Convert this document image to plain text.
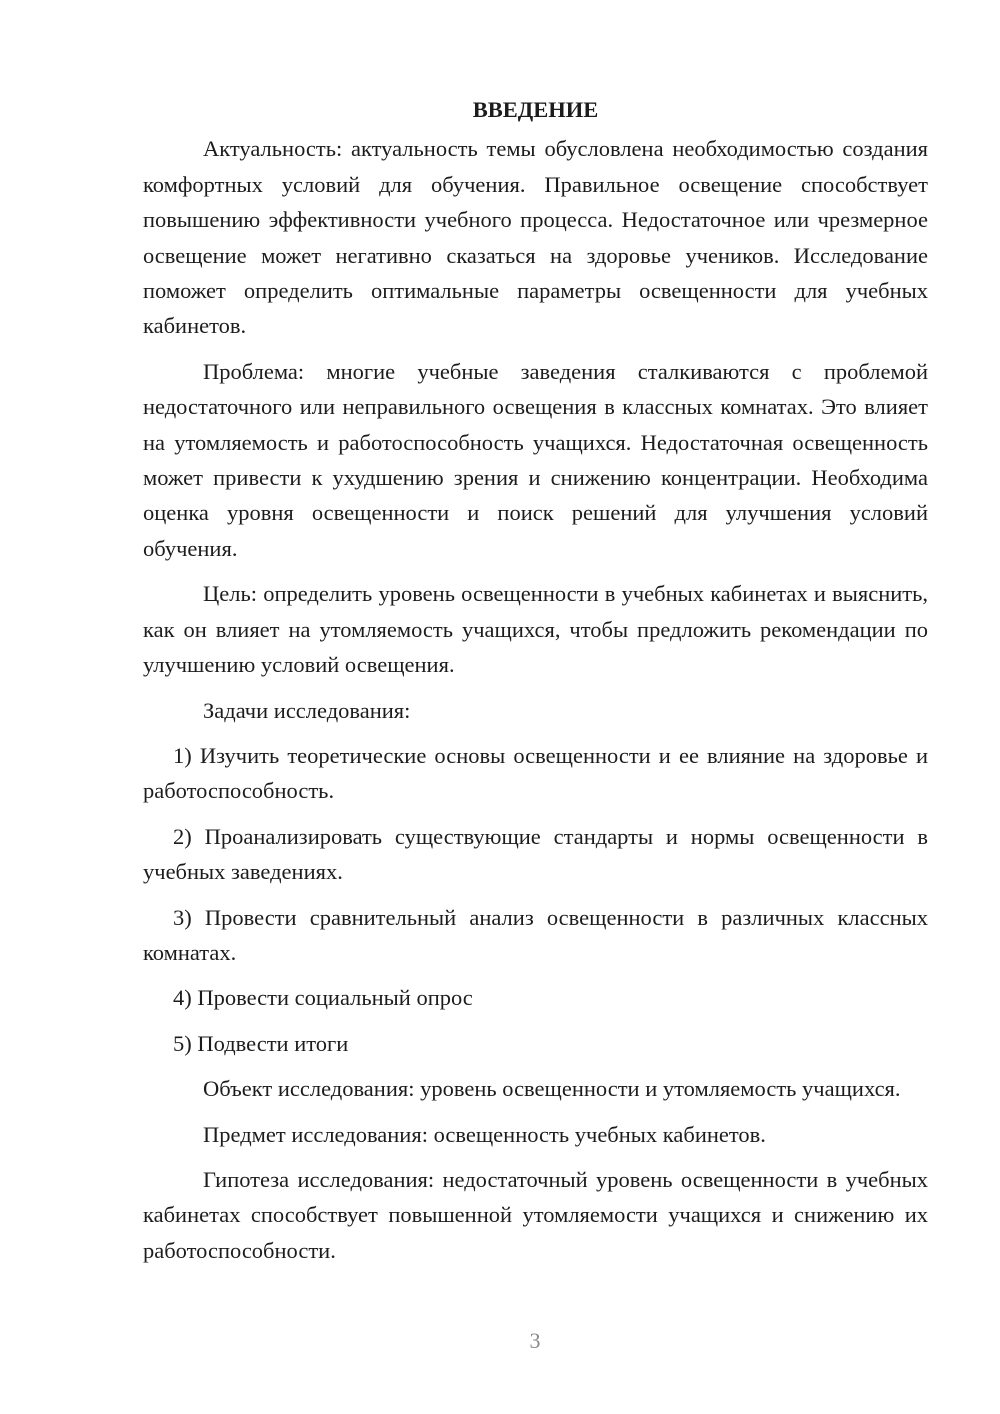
ВВЕДЕНИЕ

Актуальность: актуальность темы обусловлена необходимостью создания комфортных условий для обучения. Правильное освещение способствует повышению эффективности учебного процесса. Недостаточное или чрезмерное освещение может негативно сказаться на здоровье учеников. Исследование поможет определить оптимальные параметры освещенности для учебных кабинетов.

Проблема: многие учебные заведения сталкиваются с проблемой недостаточного или неправильного освещения в классных комнатах. Это влияет на утомляемость и работоспособность учащихся. Недостаточная освещенность может привести к ухудшению зрения и снижению концентрации. Необходима оценка уровня освещенности и поиск решений для улучшения условий обучения.

Цель: определить уровень освещенности в учебных кабинетах и выяснить, как он влияет на утомляемость учащихся, чтобы предложить рекомендации по улучшению условий освещения.

Задачи исследования:

1) Изучить теоретические основы освещенности и ее влияние на здоровье и работоспособность.

2) Проанализировать существующие стандарты и нормы освещенности в учебных заведениях.

3) Провести сравнительный анализ освещенности в различных классных комнатах.

4) Провести социальный опрос

5) Подвести итоги

Объект исследования: уровень освещенности и утомляемость учащихся.

Предмет исследования: освещенность учебных кабинетов.

Гипотеза исследования: недостаточный уровень освещенности в учебных кабинетах способствует повышенной утомляемости учащихся и снижению их работоспособности.

3
